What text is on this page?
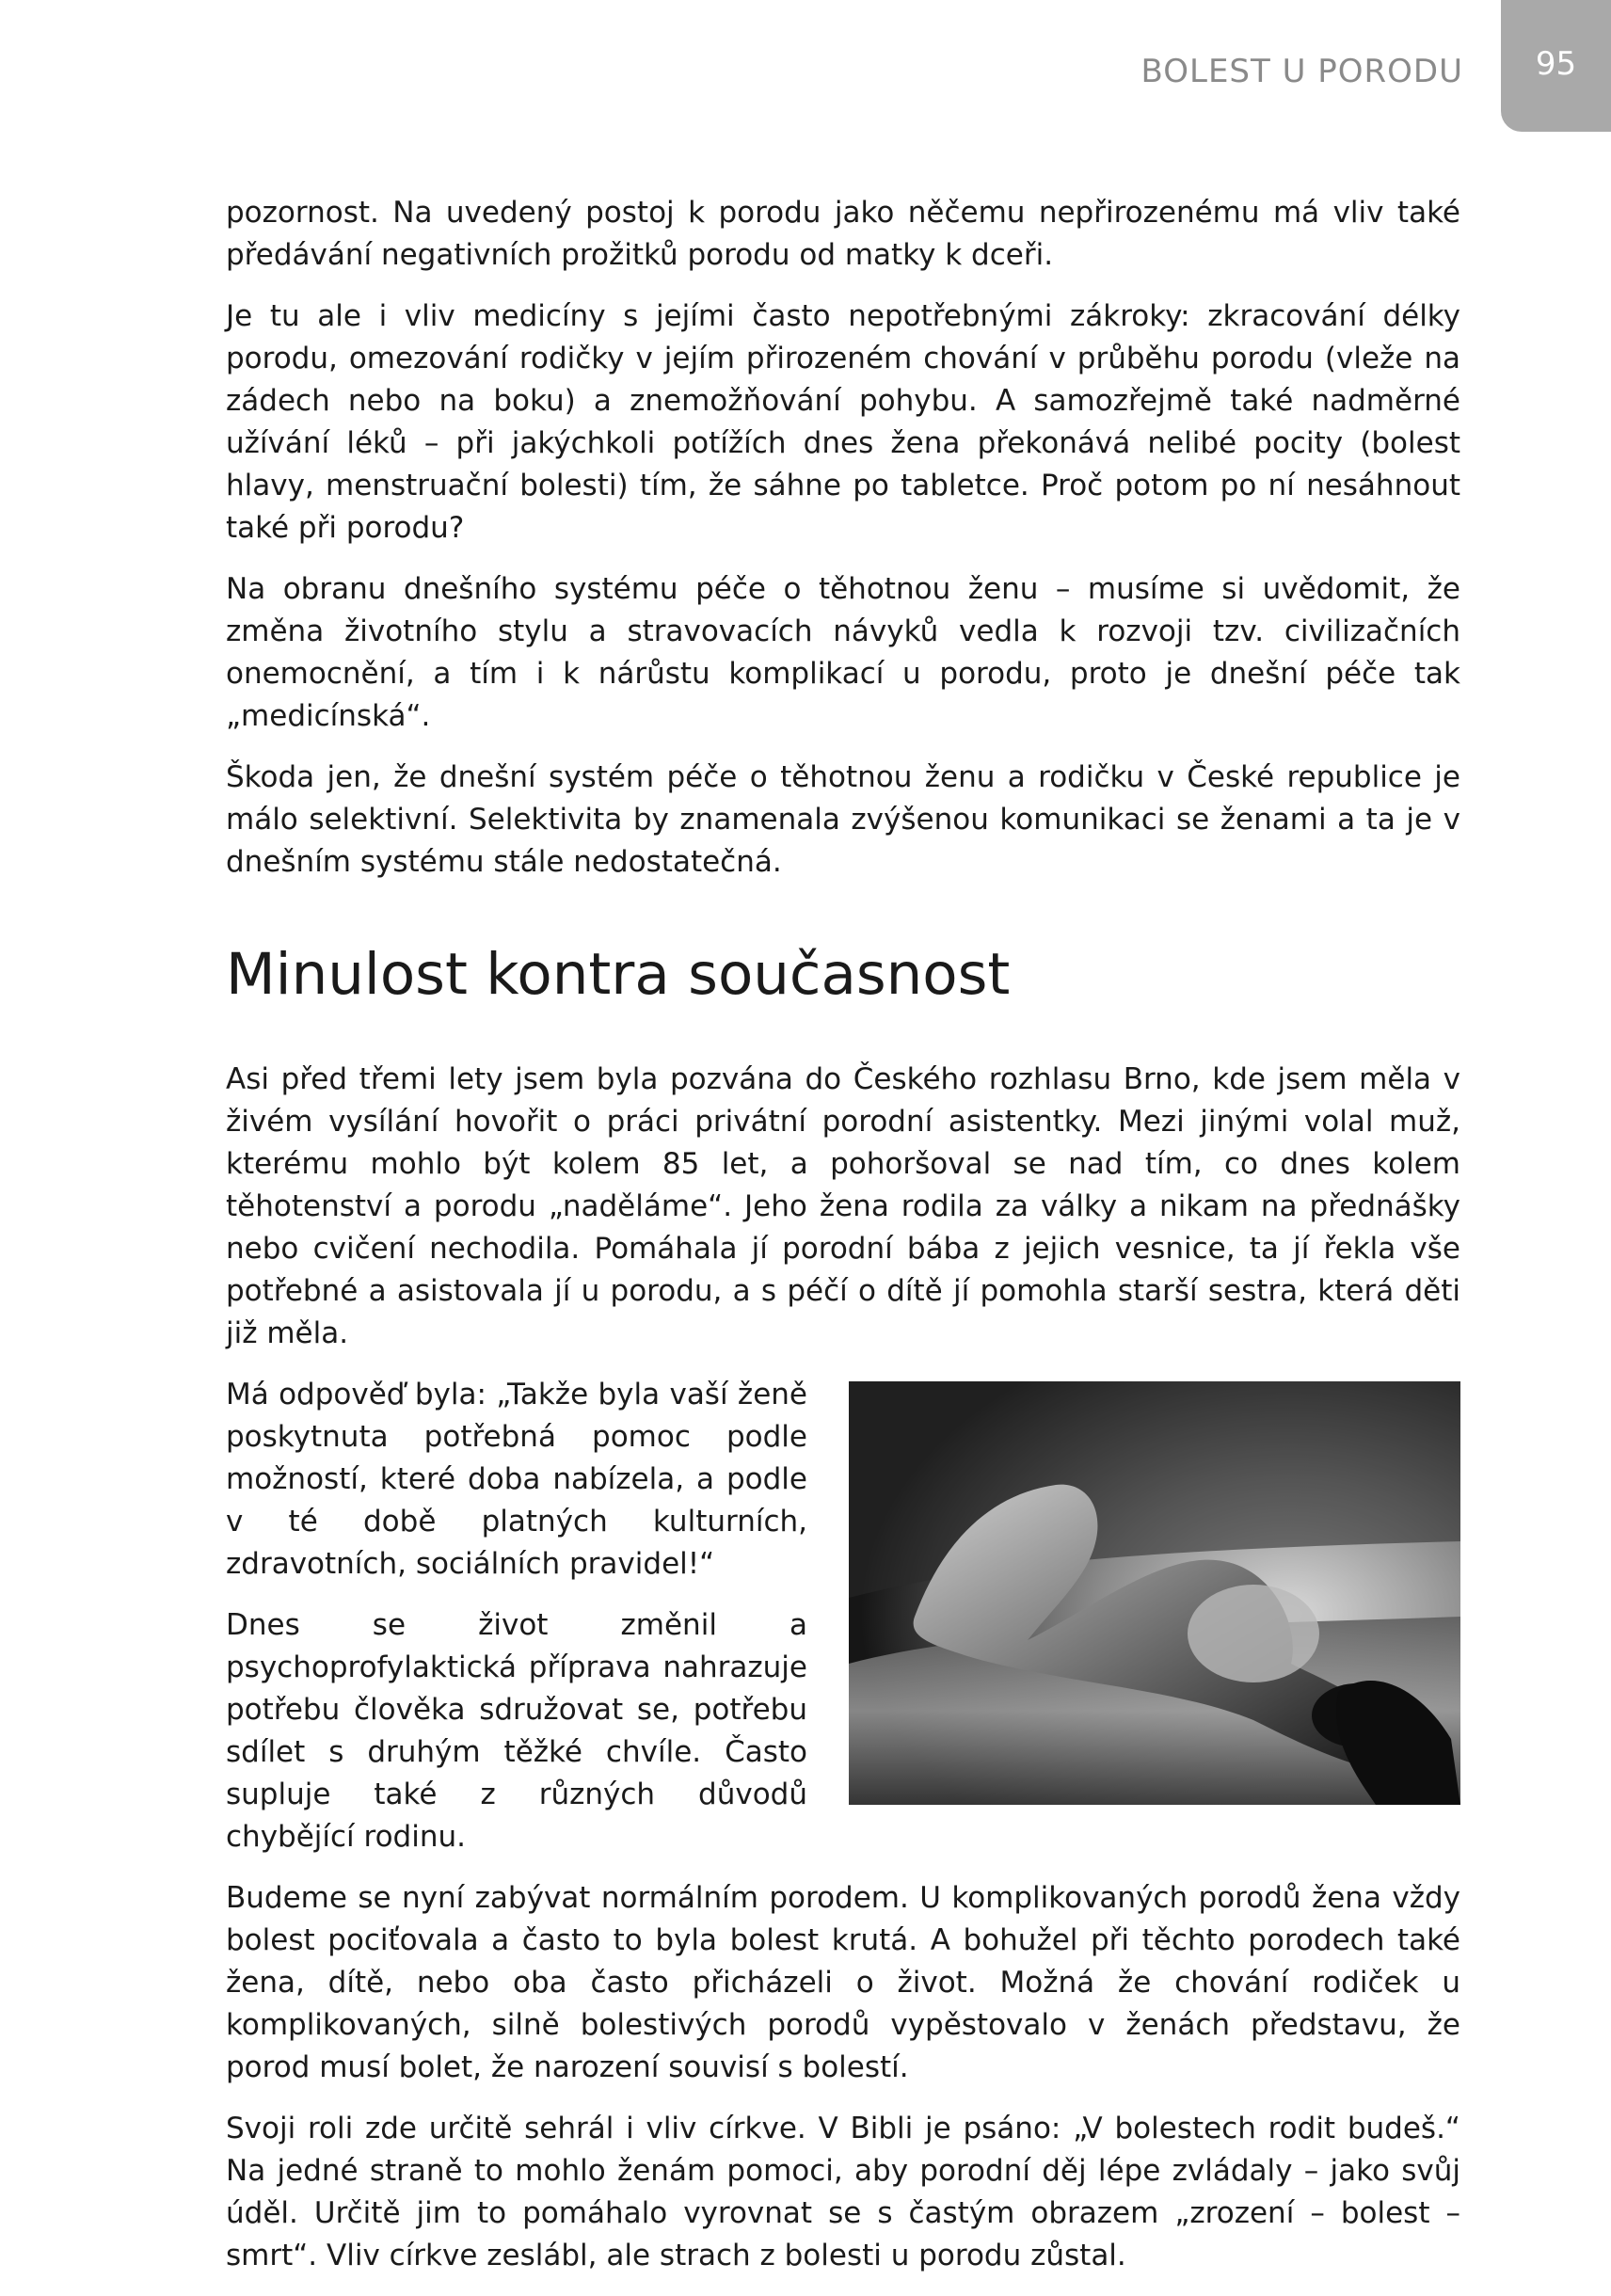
BOLEST U PORODU	95

pozornost. Na uvedený postoj k porodu jako něčemu nepřirozenému má vliv také předávání negativních prožitků porodu od matky k dceři.

Je tu ale i vliv medicíny s jejími často nepotřebnými zákroky: zkracování délky porodu, omezování rodičky v jejím přirozeném chování v průběhu porodu (vleže na zádech nebo na boku) a znemožňování pohybu. A samozřejmě také nadměrné užívání léků – při jakýchkoli potížích dnes žena překonává nelibé pocity (bolest hlavy, menstruační bolesti) tím, že sáhne po tabletce. Proč potom po ní nesáhnout také při porodu?

Na obranu dnešního systému péče o těhotnou ženu – musíme si uvědomit, že změna životního stylu a stravovacích návyků vedla k rozvoji tzv. civilizačních onemocnění, a tím i k nárůstu komplikací u porodu, proto je dnešní péče tak „medicínská“.

Škoda jen, že dnešní systém péče o těhotnou ženu a rodičku v České republice je málo selektivní. Selektivita by znamenala zvýšenou komunikaci se ženami a ta je v dnešním systému stále nedostatečná.

Minulost kontra současnost

Asi před třemi lety jsem byla pozvána do Českého rozhlasu Brno, kde jsem měla v živém vysílání hovořit o práci privátní porodní asistentky. Mezi jinými volal muž, kterému mohlo být kolem 85 let, a pohoršoval se nad tím, co dnes kolem těhotenství a porodu „naděláme“. Jeho žena rodila za války a nikam na přednášky nebo cvičení nechodila. Pomáhala jí porodní bába z jejich vesnice, ta jí řekla vše potřebné a asistovala jí u porodu, a s péčí o dítě jí pomohla starší sestra, která děti již měla.

Má odpověď byla: „Takže byla vaší ženě poskytnuta potřebná pomoc podle možností, které doba nabízela, a podle v té době platných kulturních, zdravotních, sociálních pravidel!“

Dnes se život změnil a psychoprofylaktická příprava nahrazuje potřebu člověka sdružovat se, potřebu sdílet s druhým těžké chvíle. Často supluje také z různých důvodů chybějící rodinu.

Budeme se nyní zabývat normálním porodem. U komplikovaných porodů žena vždy bolest pociťovala a často to byla bolest krutá. A bohužel při těchto porodech také žena, dítě, nebo oba často přicházeli o život. Možná že chování rodiček u komplikovaných, silně bolestivých porodů vypěstovalo v ženách představu, že porod musí bolet, že narození souvisí s bolestí.

Svoji roli zde určitě sehrál i vliv církve. V Bibli je psáno: „V bolestech rodit budeš.“ Na jedné straně to mohlo ženám pomoci, aby porodní děj lépe zvládaly – jako svůj úděl. Určitě jim to pomáhalo vyrovnat se s častým obrazem „zrození – bolest – smrt“. Vliv církve zeslábl, ale strach z bolesti u porodu zůstal.
